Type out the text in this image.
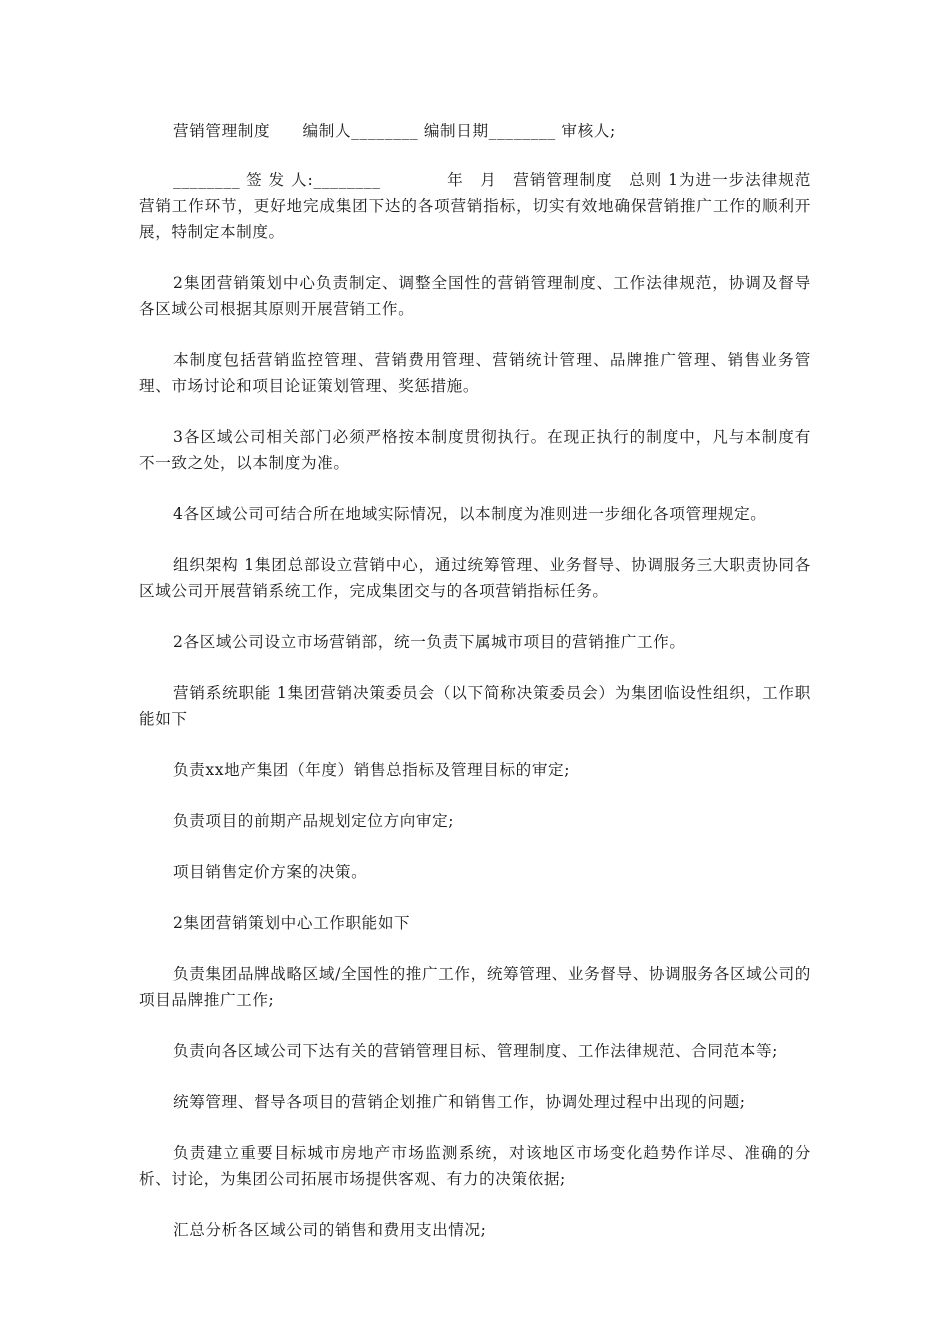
营销管理制度　　编制人________ 编制日期________ 审核人;

________ 签 发 人:________　　　　年　月　营销管理制度　总则 1为进一步法律规范营销工作环节，更好地完成集团下达的各项营销指标，切实有效地确保营销推广工作的顺利开展，特制定本制度。

2集团营销策划中心负责制定、调整全国性的营销管理制度、工作法律规范，协调及督导各区域公司根据其原则开展营销工作。

本制度包括营销监控管理、营销费用管理、营销统计管理、品牌推广管理、销售业务管理、市场讨论和项目论证策划管理、奖惩措施。

3各区域公司相关部门必须严格按本制度贯彻执行。在现正执行的制度中，凡与本制度有不一致之处，以本制度为准。

4各区域公司可结合所在地域实际情况，以本制度为准则进一步细化各项管理规定。

组织架构 1集团总部设立营销中心，通过统筹管理、业务督导、协调服务三大职责协同各区域公司开展营销系统工作，完成集团交与的各项营销指标任务。

2各区域公司设立市场营销部，统一负责下属城市项目的营销推广工作。

营销系统职能 1集团营销决策委员会（以下简称决策委员会）为集团临设性组织，工作职能如下

负责xx地产集团（年度）销售总指标及管理目标的审定;

负责项目的前期产品规划定位方向审定;

项目销售定价方案的决策。

2集团营销策划中心工作职能如下

负责集团品牌战略区域/全国性的推广工作，统筹管理、业务督导、协调服务各区域公司的项目品牌推广工作;

负责向各区域公司下达有关的营销管理目标、管理制度、工作法律规范、合同范本等;

统筹管理、督导各项目的营销企划推广和销售工作，协调处理过程中出现的问题;

负责建立重要目标城市房地产市场监测系统，对该地区市场变化趋势作详尽、准确的分析、讨论，为集团公司拓展市场提供客观、有力的决策依据;

汇总分析各区域公司的销售和费用支出情况;
